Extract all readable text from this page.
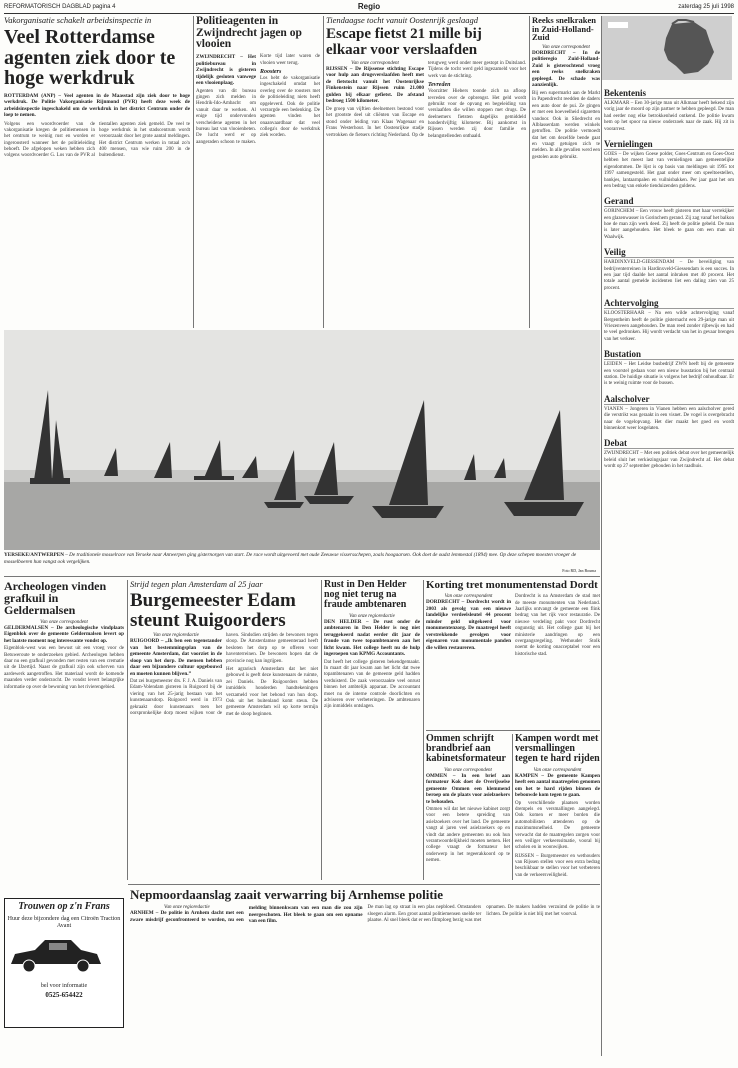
REFORMATORISCH DAGBLAD pagina 4	Regio	zaterdag 25 juli 1998
Vakorganisatie schakelt arbeidsinspectie in
Veel Rotterdamse agenten ziek door te hoge werkdruk
ROTTERDAM (ANP) – Veel agenten in de Maasstad zijn ziek door te hoge werkdruk. De Politie Vakorganisatie Rijnmond (PVR) heeft deze week de arbeidsinspectie ingeschakeld om de werkdruk in het district Centrum onder de loep te nemen.
Volgens een woordvoerder van de vakorganisatie kregen de politiemensen in het centrum te weinig rust en worden er ingeroosterd wanneer het de politieleiding behoeft. De afgelopen weken hebben zich volgens woordvoerder G. Los van de PVR al tientallen agenten ziek gemeld. De veel te hoge werkdruk in het stadscentrum wordt veroorzaakt door het grote aantal meldingen. Het district Centrum werken in totaal zo'n 400 mensen, van wie ruim 200 in de buitendienst.
Politieagenten in Zwijndrecht jagen op vlooien
ZWIJNDRECHT – Het politiebureau in Zwijndrecht is gisteren tijdelijk gesloten vanwege een vlooienplaag.
Agenten van dit bureau gingen zich melden in Hendrik-Ido-Ambacht om vanuit daar te werken. Al enige tijd ondervonden verscheidene agenten in het bureau last van vlooienbeten. De lucht werd er op aangeraden schoon te maken. Korte tijd later waren de vlooien weer terug.
Roosters
Los hebt de vakorganisatie ingeschakeld omdat het overleg over de roosters met de politieleiding niets heeft opgeleverd. Ook de politie verzorgde een bedenking. De agenten vinden het onaanvaardbaar dat veel collega's door de werkdruk ziek worden.
Tiendaagse tocht vanuit Oostenrijk geslaagd
Escape fietst 21 mille bij elkaar voor verslaafden
Van onze correspondent
RIJSSEN – De Rijssense stichting Escape voor hulp aan drugsverslaafden heeft met de fietstocht vanuit het Oostenrijkse Finkenstein naar Rijssen ruim 21.000 gulden bij elkaar gefietst. De afstand bedroeg 1500 kilometer.
De groep van vijftien deelnemers bestond voor het grootste deel uit cliënten van Escape en stond onder leiding van Klaas Wagenaar en Frans Westerhout. In het Oostenrijkse stadje vertrokken de fietsers richting Nederland. Op de terugweg werd onder meer gestopt in Duitsland. Tijdens de tocht werd geld ingezameld voor het werk van de stichting.
Tevreden
Voorzitter Hiebers toonde zich na afloop tevreden over de opbrengst. Het geld wordt gebruikt voor de opvang en begeleiding van verslaafden die willen stoppen met drugs. De deelnemers fietsten dagelijks gemiddeld honderdvijftig kilometer. Bij aankomst in Rijssen werden zij door familie en belangstellenden onthaald.
Reeks snelkraken in Zuid-Holland-Zuid
Van onze correspondent
DORDRECHT – In de politieregio Zuid-Holland-Zuid is gisterochtend vroeg een reeks snelkraken gepleegd. De schade was aanzienlijk.
Bij een supermarkt aan de Markt in Papendrecht reedden de daders een auto door de pui. Ze gingen er met een hoeveelheid sigaretten vandoor. Ook in Sliedrecht en Alblasserdam werden winkels getroffen. De politie vermoedt dat het om dezelfde bende gaat en vraagt getuigen zich te melden. In alle gevallen werd een gestolen auto gebruikt.
Bekentenis
ALKMAAR – Een 30-jarige man uit Alkmaar heeft bekend zijn vorig jaar de moord op zijn partner te hebben gepleegd. De man had eerder nog elke betrokkenheid ontkend. De politie kwam hem op het spoor na nieuw onderzoek naar de zaak. Hij zit in voorarrest.
Vernielingen
GOES – De wijken Goese polder, Goes-Centrum en Goes-Oost hebben het meest last van vernielingen aan gemeentelijke eigendommen. De lijst is op basis van meldingen uit 1995 tot 1997 samengesteld. Het gaat onder meer om speeltoestellen, bankjes, lantaarnpalen en vuilnisbakken. Per jaar gaat het om een bedrag van enkele tienduizenden guldens.
Gerand
GORINCHEM – Een vrouw heeft gisteren met haar verrekijker een glazenwasser in Gorinchem gerand. Zij zag vanaf het balkon hoe de man zijn werk deed. Zij heeft de politie gebeld. De man is later aangehouden. Het bleek te gaan om een man uit Waalwijk.
Veilig
HARDINXVELD-GIESSENDAM – De beveiliging van bedrijventerreinen in Hardinxveld-Giessendam is een succes. In een jaar tijd daalde het aantal inbraken met 40 procent. Het totale aantal gemelde incidenten liet een daling zien van 25 procent.
Achtervolging
KLOOSTERHAAR – Na een wilde achtervolging vanaf Bergentheim heeft de politie gisternacht een 29-jarige man uit Vriezenveen aangehouden. De man reed zonder rijbewijs en had te veel gedronken. Hij wordt verdacht van het in gevaar brengen van het verkeer.
Bustation
LEIDEN – Het Leidse busbedrijf ZWN heeft bij de gemeente een voorstel gedaan voor een nieuw busstation bij het centraal station. De huidige situatie is volgens het bedrijf onhoudbaar. Er is te weinig ruimte voor de bussen.
Aalscholver
VIANEN – Jongeren in Vianen hebben een aalscholver gered die verstrikt was geraakt in een visnet. De vogel is overgebracht naar de vogelopvang. Het dier maakt het goed en wordt binnenkort weer losgelaten.
Debat
ZWIJNDRECHT – Met een politiek debat over het gemeentelijk beleid sluit het verkiezingsjaar van Zwijndrecht af. Het debat wordt op 27 september gehouden in het raadhuis.
YERSEKE/ANTWERPEN – De traditionele mosselrace van Yerseke naar Antwerpen ging gisternorgen van start. De race wordt uitgevoerd met oude Zeeuwse vissersschepen, zoals hoogaarsen. Ook doet de oudst lemmestal (1894) mee. Op deze schepen moesten vroeger de mosselboeren hun vangst ook vergelijken.
Foto RD, Jan Bouma
Archeologen vinden grafkuil in Geldermalsen
Van onze correspondent
GELDERMALSEN – De archeologische vindplaats Eigenblok over de gemeente Geldermalsen levert op het laatste moment nog interessante vondst op.
Eigenblok-west was een bewust uit een vroeg voor de Betuweroute te onderzoeken gebied. Archeologen hebben daar nu een grafkuil gevonden met resten van een crematie uit de IJzertijd. Naast de grafkuil zijn ook scherven van aardewerk aangetroffen. Het materiaal wordt de komende maanden verder onderzocht. De vondst levert belangrijke informatie op over de bewoning van het rivierengebied.
Trouwen op z'n Frans
Huur deze bijzondere dag een Citroën Traction Avant
bel voor informatie
0525-654422
Strijd tegen plan Amsterdam al 25 jaar
Burgemeester Edam steunt Ruigoorders
Van onze regioredactie
RUIGOORD – „Ik ben een tegenstander van het bestemmingsplan van de gemeente Amsterdam, dat voorziet in de sloop van het dorp. De mensen hebben daar een bijzondere cultuur opgebouwd en moeten kunnen blijven.”
Dat zei burgemeester drs. F. J. A. Daniels van Edam-Volendam gisteren in Ruigoord bij de viering van het 25-jarig bestaan van het kunstenaarsdorp. Ruigoord werd in 1973 gekraakt door kunstenaars toen het oorspronkelijke dorp moest wijken voor de haven. Sindsdien strijden de bewoners tegen sloop. De Amsterdamse gemeenteraad heeft besloten het dorp op te offeren voor haventerreinen. De bewoners hopen dat de provincie nog kan ingrijpen.
Het agrarisch Amsterdam dat het niet gebouwd is geeft deze kunstenaars de ruimte, zei Daniels. De Ruigoorders hebben inmiddels honderden handtekeningen verzameld voor het behoud van hun dorp. Ook uit het buitenland komt steun. De gemeente Amsterdam wil op korte termijn met de sloop beginnen.
Rust in Den Helder nog niet terug na fraude ambtenaren
Van onze regioredactie
DEN HELDER – De rust onder de ambtenaren in Den Helder is nog niet teruggekeerd nadat eerder dit jaar de fraude van twee topambtenaren aan het licht kwam. Het college heeft nu de hulp ingeroepen van KPMG Accountants.
Dat heeft het college gisteren bekendgemaakt. In maart dit jaar kwam aan het licht dat twee topambtenaren van de gemeente geld hadden verduisterd. De zaak veroorzaakte veel onrust binnen het ambtelijk apparaat. De accountant moet nu de interne controle doorlichten en adviseren over verbeteringen. De ambtenaren zijn inmiddels ontslagen.
Korting tret monumentenstad Dordt
Van onze correspondent
DORDRECHT – Dordrecht wordt in 2003 als gevolg van een nieuwe landelijke verdeelsleutel 44 procent minder geld uitgekeerd voor monumentenzorg. De maatregel heeft verstrekkende gevolgen voor eigenaren van monumentale panden die willen restaureren.
Dordrecht is na Amsterdam de stad met de meeste monumenten van Nederland. Jaarlijks ontvangt de gemeente een flink bedrag van het rijk voor restauratie. De nieuwe verdeling pakt voor Dordrecht ongunstig uit. Het college gaat bij het ministerie aandringen op een overgangsregeling. Wethouder Stolk noemt de korting onacceptabel voor een historische stad.
Ommen schrijft brandbrief aan kabinetsformateur
Van onze correspondent
OMMEN – In een brief aan formateur Kok doet de Overijsselse gemeente Ommen een klemmend beroep om de plaats voor asielzoekers te behouden.
Ommen wil dat het nieuwe kabinet zorgt voor een betere spreiding van asielzoekers over het land. De gemeente vangt al jaren veel asielzoekers op en vindt dat andere gemeenten nu ook hun verantwoordelijkheid moeten nemen. Het college vraagt de formateur het onderwerp in het regeerakkoord op te nemen.
Kampen wordt met versmallingen tegen te hard rijden
Van onze correspondent
KAMPEN – De gemeente Kampen heeft een aantal maatregelen genomen om het te hard rijden binnen de bebouwde kom tegen te gaan.
Op verschillende plaatsen worden drempels en versmallingen aangelegd. Ook komen er meer borden die automobilisten attenderen op de maximumsnelheid. De gemeente verwacht dat de maatregelen zorgen voor een veiliger verkeerssituatie, vooral bij scholen en in woonwijken.
RIJSSEN – Burgemeester en wethouders van Rijssen stellen voor een extra bedrag beschikbaar te stellen voor het verbeteren van de verkeersveiligheid.
Nepmoordaanslag zaait verwarring bij Arnhemse politie
Van onze regioredactie
ARNHEM – De politie in Arnhem dacht met een zware misdrijf geconfronteerd te worden, nu een melding binnenkwam van een man die zou zijn neergeschoten. Het bleek te gaan om een opname van een film.
De man lag op straat in een plas nepbloed. Omstanders sloegen alarm. Een groot aantal politiemensen snelde ter plaatse. Al snel bleek dat er een filmploeg bezig was met opnamen. De makers hadden verzuimd de politie in te lichten. De politie is niet blij met het voorval.
